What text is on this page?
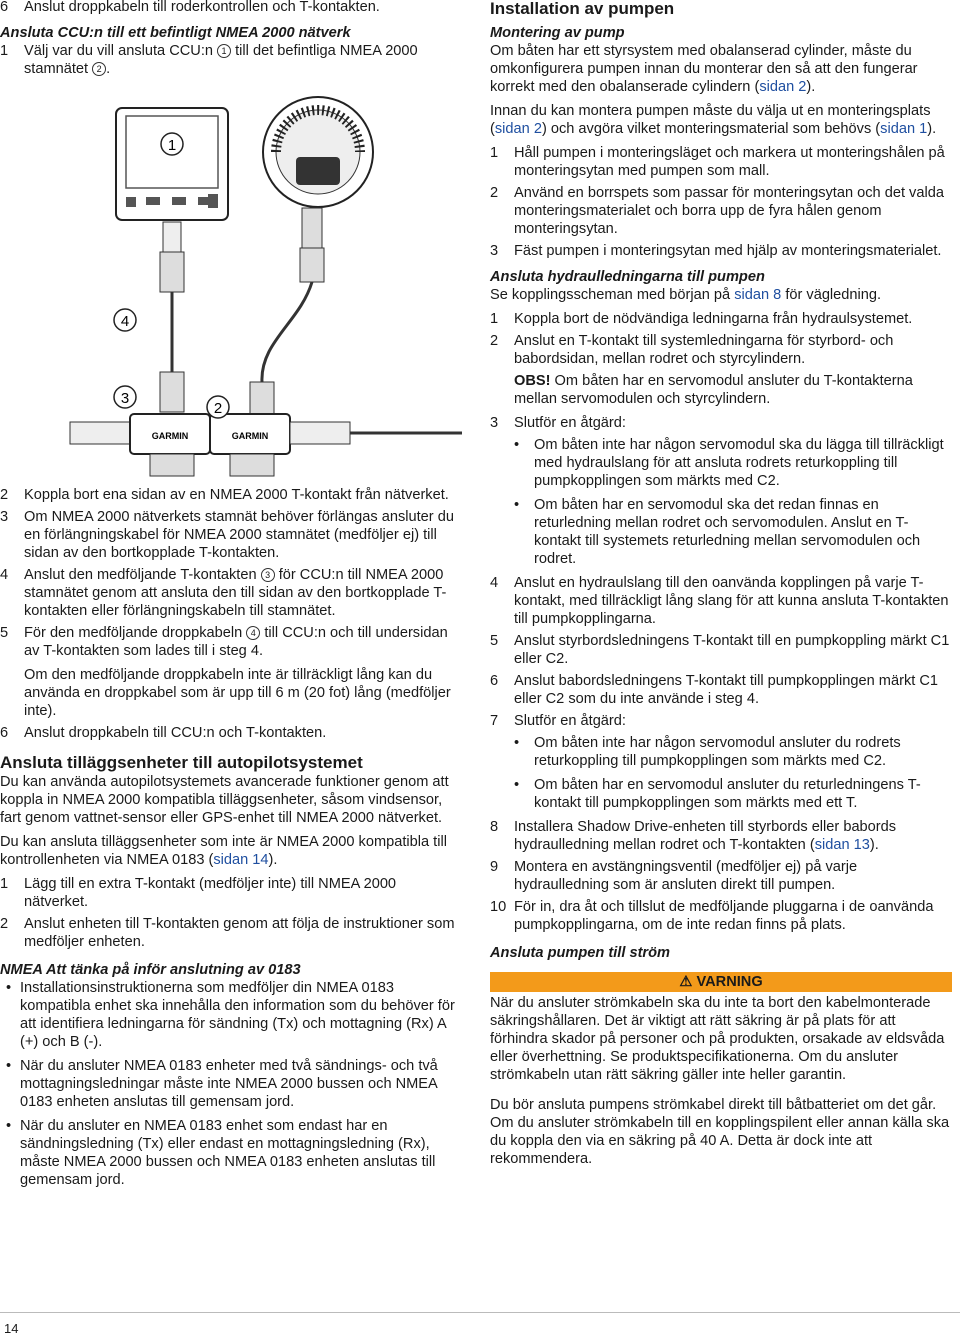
6 Anslut droppkabeln till roderkontrollen och T-kontakten.
Ansluta CCU:n till ett befintligt NMEA 2000 nätverk
1 Välj var du vill ansluta CCU:n 1 till det befintliga NMEA 2000 stamnätet 2 .
GARMIN	GARMIN
1
4
3
2
2 Koppla bort ena sidan av en NMEA 2000 T-kontakt från nätverket.
3 Om NMEA 2000 nätverkets stamnät behöver förlängas ansluter du en förlängningskabel för NMEA 2000 stamnätet (medföljer ej) till sidan av den bortkopplade T-kontakten.
4 Anslut den medföljande T-kontakten 3 för CCU:n till NMEA 2000 stamnätet genom att ansluta den till sidan av den bortkopplade T-kontakten eller förlängningskabeln till stamnätet.
5 För den medföljande droppkabeln 4 till CCU:n och till undersidan av T-kontakten som lades till i steg 4.
Om den medföljande droppkabeln inte är tillräckligt lång kan du använda en droppkabel som är upp till 6 m (20 fot) lång (medföljer inte).
6 Anslut droppkabeln till CCU:n och T-kontakten.
Ansluta tilläggsenheter till autopilotsystemet
Du kan använda autopilotsystemets avancerade funktioner genom att koppla in NMEA 2000 kompatibla tilläggsenheter, såsom vindsensor, fart genom vattnet-sensor eller GPS-enhet till NMEA 2000 nätverket.
Du kan ansluta tilläggsenheter som inte är NMEA 2000 kompatibla till kontrollenheten via NMEA 0183 (sidan 14).
1 Lägg till en extra T-kontakt (medföljer inte) till NMEA 2000 nätverket.
2 Anslut enheten till T-kontakten genom att följa de instruktioner som medföljer enheten.
NMEA Att tänka på inför anslutning av 0183
• Installationsinstruktionerna som medföljer din NMEA 0183 kompatibla enhet ska innehålla den information som du behöver för att identifiera ledningarna för sändning (Tx) och mottagning (Rx) A (+) och B (-).
• När du ansluter NMEA 0183 enheter med två sändnings- och två mottagningsledningar måste inte NMEA 2000 bussen och NMEA 0183 enheten anslutas till gemensam jord.
• När du ansluter en NMEA 0183 enhet som endast har en sändningsledning (Tx) eller endast en mottagningsledning (Rx), måste NMEA 2000 bussen och NMEA 0183 enheten anslutas till gemensam jord.
Installation av pumpen
Montering av pump
Om båten har ett styrsystem med obalanserad cylinder, måste du omkonfigurera pumpen innan du monterar den så att den fungerar korrekt med den obalanserade cylindern (sidan 2).
Innan du kan montera pumpen måste du välja ut en monteringsplats (sidan 2) och avgöra vilket monteringsmaterial som behövs (sidan 1).
1 Håll pumpen i monteringsläget och markera ut monteringshålen på monteringsytan med pumpen som mall.
2 Använd en borrspets som passar för monteringsytan och det valda monteringsmaterialet och borra upp de fyra hålen genom monteringsytan.
3 Fäst pumpen i monteringsytan med hjälp av monteringsmaterialet.
Ansluta hydraulledningarna till pumpen
Se kopplingsscheman med början på sidan 8 för vägledning.
1 Koppla bort de nödvändiga ledningarna från hydraulsystemet.
2 Anslut en T-kontakt till systemledningarna för styrbord- och babordsidan, mellan rodret och styrcylindern.
OBS! Om båten har en servomodul ansluter du T-kontakterna mellan servomodulen och styrcylindern.
3 Slutför en åtgärd:
• Om båten inte har någon servomodul ska du lägga till tillräckligt med hydraulslang för att ansluta rodrets returkoppling till pumpkopplingen som märkts med C2.
• Om båten har en servomodul ska det redan finnas en returledning mellan rodret och servomodulen. Anslut en T-kontakt till systemets returledning mellan servomodulen och rodret.
4 Anslut en hydraulslang till den oanvända kopplingen på varje T-kontakt, med tillräckligt lång slang för att kunna ansluta T-kontakten till pumpkopplingarna.
5 Anslut styrbordsledningens T-kontakt till en pumpkoppling märkt C1 eller C2.
6 Anslut babordsledningens T-kontakt till pumpkopplingen märkt C1 eller C2 som du inte använde i steg 4.
7 Slutför en åtgärd:
• Om båten inte har någon servomodul ansluter du rodrets returkoppling till pumpkopplingen som märkts med C2.
• Om båten har en servomodul ansluter du returledningens T-kontakt till pumpkopplingen som märkts med ett T.
8 Installera Shadow Drive-enheten till styrbords eller babords hydraulledning mellan rodret och T-kontakten (sidan 13).
9 Montera en avstängningsventil (medföljer ej) på varje hydraulledning som är ansluten direkt till pumpen.
10 För in, dra åt och tillslut de medföljande pluggarna i de oanvända pumpkopplingarna, om de inte redan finns på plats.
Ansluta pumpen till ström
⚠ VARNING
När du ansluter strömkabeln ska du inte ta bort den kabelmonterade säkringshållaren. Det är viktigt att rätt säkring är på plats för att förhindra skador på personer och på produkten, orsakade av eldsvåda eller överhettning. Se produktspecifikationerna. Om du ansluter strömkabeln utan rätt säkring gäller inte heller garantin.
Du bör ansluta pumpens strömkabel direkt till båtbatteriet om det går. Om du ansluter strömkabeln till en kopplingspilent eller annan källa ska du koppla den via en säkring på 40 A. Detta är dock inte att rekommendera.
14
